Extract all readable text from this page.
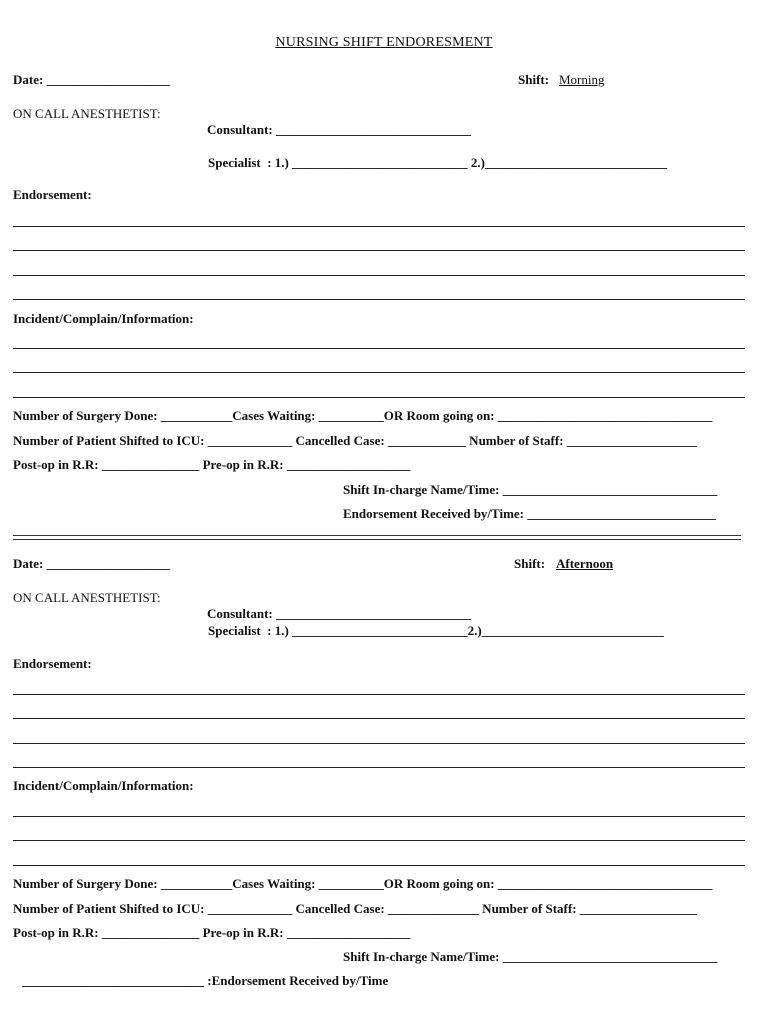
NURSING SHIFT ENDORESMENT
Date: ___________________	Shift: Morning
ON CALL ANESTHETIST:
Consultant: ______________________________
Specialist  : 1.) ___________________________ 2.)____________________________
Endorsement:
Incident/Complain/Information:
Number of Surgery Done: ___________Cases Waiting: __________OR Room going on: _________________________________
Number of Patient Shifted to ICU: _____________ Cancelled Case: ____________ Number of Staff: ____________________
Post-op in R.R: _______________ Pre-op in R.R: ___________________
Shift In-charge Name/Time: _________________________________
Endorsement Received by/Time: _____________________________
Date: ___________________	Shift: Afternoon
ON CALL ANESTHETIST:
Consultant: ______________________________
Specialist  : 1.) ___________________________2.)____________________________
Endorsement:
Incident/Complain/Information:
Number of Surgery Done: ___________Cases Waiting: __________OR Room going on: _________________________________
Number of Patient Shifted to ICU: _____________ Cancelled Case: ______________ Number of Staff: __________________
Post-op in R.R: _______________ Pre-op in R.R: ___________________
Shift In-charge Name/Time: _________________________________
____________________________ :Endorsement Received by/Time
